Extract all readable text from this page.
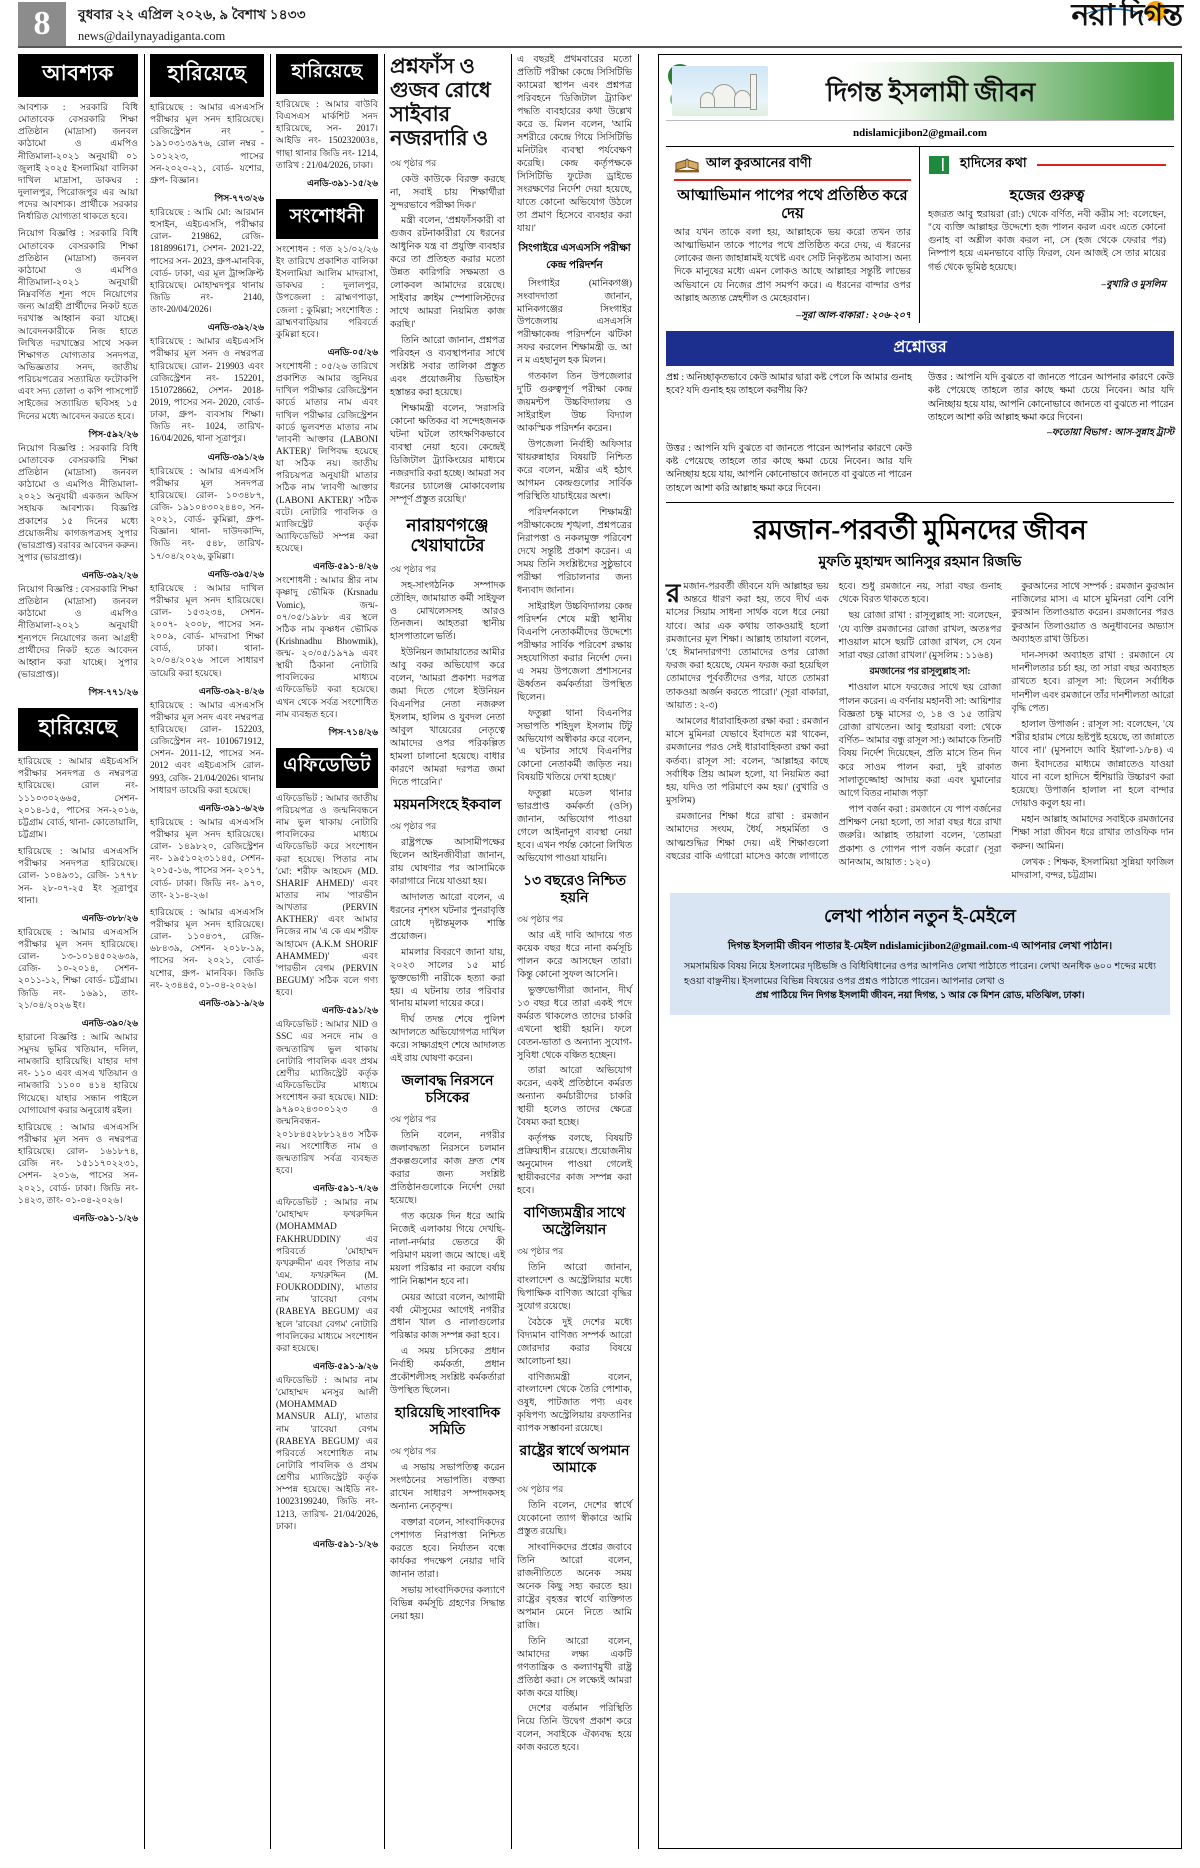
8	বুধবার ২২ এপ্রিল ২০২৬, ৯ বৈশাখ ১৪৩৩
news@dailynayadiganta.com
নয়া দিগন্ত
আবশ্যক

আবশ্যক : সরকারি বিধি মোতাবেক বেসরকারি শিক্ষা প্রতিষ্ঠান (মাদ্রাসা) জনবল কাঠামো ও এমপিও নীতিমালা-২০২১ অনুযায়ী ০১ জুলাই ২০২৫ ইসলামিয়া বালিকা দাখিল মাদ্রাসা, ডাকঘর : দুলালপুর, পিরোজপুর এর আয়া পদের আবশ্যক। প্রার্থীকে সরকার নির্ধারিত যোগ্যতা থাকতে হবে।

নিয়োগ বিজ্ঞপ্তি : সরকারি বিধি মোতাবেক বেসরকারি শিক্ষা প্রতিষ্ঠান (মাদ্রাসা) জনবল কাঠামো ও এমপিও নীতিমালা-২০২১ অনুযায়ী নিম্নবর্ণিত শূন্য পদে নিয়োগের জন্য আগ্রহী প্রার্থীদের নিকট হতে দরখাস্ত আহ্বান করা যাচ্ছে। আবেদনকারীকে নিজ হাতে লিখিত দরখাস্তের সাথে সকল শিক্ষাগত যোগ্যতার সনদপত্র, অভিজ্ঞতার সনদ, জাতীয় পরিচয়পত্রের সত্যায়িত ফটোকপি এবং সদ্য তোলা ৩ কপি পাসপোর্ট সাইজের সত্যায়িত ছবিসহ ১৫ দিনের মধ্যে আবেদন করতে হবে।

পিস-৫৯২/২৬

নিয়োগ বিজ্ঞপ্তি : সরকারি বিধি মোতাবেক বেসরকারি শিক্ষা প্রতিষ্ঠান (মাদ্রাসা) জনবল কাঠামো ও এমপিও নীতিমালা- ২০২১ অনুযায়ী একজন অফিস সহায়ক আবশ্যক। বিজ্ঞপ্তি প্রকাশের ১৫ দিনের মধ্যে প্রয়োজনীয় কাগজপত্রসহ সুপার (ভারপ্রাপ্ত) বরাবর আবেদন করুন। সুপার (ভারপ্রাপ্ত)।

এনডি-৩৯২/২৬

নিয়োগ বিজ্ঞপ্তি : বেসরকারি শিক্ষা প্রতিষ্ঠান (মাদ্রাসা) জনবল কাঠামো ও এমপিও নীতিমালা-২০২১ অনুযায়ী শূন্যপদে নিয়োগের জন্য আগ্রহী প্রার্থীদের নিকট হতে আবেদন আহ্বান করা যাচ্ছে। সুপার (ভারপ্রাপ্ত)।

পিস-৭৭১/২৬
হারিয়েছে

হারিয়েছে : আমার এইচএসসি পরীক্ষার সনদপত্র ও নম্বরপত্র হারিয়েছে। রোল নং- ১১১০৩০২৬৬৫, সেশন- ২০১৪-১৫, পাসের সন-২০১৬, চট্টগ্রাম বোর্ড, থানা- কোতোয়ালি, চট্টগ্রাম।

হারিয়েছে : আমার এসএসসি পরীক্ষার সনদপত্র হারিয়েছে। রোল- ১০৪৯৩১, রেজি- ১৭৭৮ সন- ২৮-০৭-২৫ ইং সূত্রাপুর থানা।

এনডি-৩৮৮/২৬

হারিয়েছে : আমার এসএসসি পরীক্ষার মূল সনদ হারিয়েছে। রোল- ১৩-১০১৪৫০২৬৩৯, রেজি- ১০-২০১৪, সেশন- ২০১১-১২, শিক্ষা বোর্ড- চট্টগ্রাম। জিডি নং- ১৬৯১, তাং- ২১/০৪/২০২৬ ইং।

এনডি-৩৯০/২৬

হারানো বিজ্ঞপ্তি : আমি আমার সমুদয় ভূমির খতিয়ান, দলিল, নামজারি হারিয়েছি। যাহার দাগ নং- ১১০ এবং এসএ খতিয়ান ও নামজারি ১১০০ ৪১৪ হারিয়ে গিয়েছে। যাহার সন্ধান পাইলে যোগাযোগ করার অনুরোধ রইল।

হারিয়েছে : আমার এসএসসি পরীক্ষার মূল সনদ ও নম্বরপত্র হারিয়েছে। রোল- ১৬১৮৭৪, রেজি নং- ১৫১১৭০২২৩১, সেশন- ২০১৬, পাসের সন- ২০২১, বোর্ড- ঢাকা। জিডি নং- ১৪২৩, তাং- ০১-০৪-২০২৬।

এনডি-৩৯১-১/২৬
হারিয়েছে

হারিয়েছে : আমার এসএসসি পরীক্ষার মূল সনদ হারিয়েছে। রেজিস্ট্রেশন নং - ১৯১০৩১৩৯৭৬, রোল নম্বর - ১০১২২৩, পাসের সন-২০২০-২১, বোর্ড- যশোর, গ্রুপ- বিজ্ঞান।

পিস-৭৭৩/২৬

হারিয়েছে : আমি মো: আরমান হুসাইন, এইচএসসি, পরীক্ষার রোল- 219862, রেজি- 1818996171, সেশন- 2021-22, পাসের সন- 2023, গ্রুপ-মানবিক, বোর্ড- ঢাকা, এর মূল ট্রান্সক্রিপ্ট হারিয়েছে। মোহাম্মদপুর থানায় জিডি নং- 2140, তাং-20/04/2026।

এনডি-৩৯২/২৬

হারিয়েছে : আমার এইচএসসি পরীক্ষার মূল সনদ ও নম্বরপত্র হারিয়েছে। রোল- 219903 এবং রেজিস্ট্রেশন নং- 152201, 1510728662, সেশন- 2018-2019, পাসের সন- 2020, বোর্ড- ঢাকা, গ্রুপ- ব্যবসায় শিক্ষা। জিডি নং- 1024, তারিখ- 16/04/2026, থানা সূত্রাপুর।

এনডি-৩৯১/২৬

হারিয়েছে : আমার এসএসসি পরীক্ষার মূল সনদপত্র হারিয়েছে। রোল- ১০৩৪৮৭, রেজি- ১৯১০৪৩০২৪৪০, সন- ২০২১, বোর্ড- কুমিল্লা, গ্রুপ- বিজ্ঞান। থানা- দাউদকান্দি, জিডি নং- ৫৪৮, তারিখ- ১৭/০৪/২০২৬, কুমিল্লা।

এনডি-৩৯৫/২৬

হারিয়েছে : আমার দাখিল পরীক্ষার মূল সনদ হারিয়েছে। রোল- ১৫৩২৩৪, সেশন- ২০০৭- ২০০৮, পাসের সন- ২০০৯, বোর্ড- মাদরাসা শিক্ষা বোর্ড, ঢাকা। থানা- ২০/০৪/২০২৬ সালে সাধারণ ডায়েরি করা হয়েছে।

এনডি-৩৯২-৪/২৬

হারিয়েছে : আমার এসএসসি পরীক্ষার মূল সনদ এবং নম্বরপত্র হারিয়েছে। রোল- 152203, রেজিস্ট্রেশন নং- 1010671912, সেশন- 2011-12, পাসের সন- 2012 এবং এইচএসসি রোল- 993, রেজি- 21/04/2026। থানায় সাধারণ ডায়েরি করা হয়েছে।

এনডি-৩৯১-৬/২৬

হারিয়েছে : আমার এসএসসি পরীক্ষার মূল সনদ হারিয়েছে। রোল- ১৪৯৮২০, রেজিস্ট্রেশন নং- ১৯৫১০২৩১১৪৫, সেশন- ২০১৫-১৬, পাসের সন- ২০১৭, বোর্ড- ঢাকা। জিডি নং- ৯৭০, তাং- ২১-৪-২৬।

হারিয়েছে : আমার এসএসসি পরীক্ষার মূল সনদ হারিয়েছে। রোল- ১১০৪৩৭, রেজি- ৬৮৪৩৯, সেশন- ২০১৮-১৯, পাসের সন- ২০২১, বোর্ড- যশোর, গ্রুপ- মানবিক। জিডি নং- ২৩৪৪৫, ০১-০৪-২০২৬।

এনডি-৩৯১-৯/২৬
হারিয়েছে

হারিয়েছে : আমার বাউবি বিএসএস মার্কশিট সনদ হারিয়েছে, সন- 2017। আইডি নং- 150232003৪, গাছা থানার জিডি নং- 1214, তারিখ : 21/04/2026, ঢাকা।

এনডি-৩৯১-১৫/২৬
সংশোধনী

সংশোধন : গত ২১/০২/২৬ ইং তারিখে প্রকাশিত বালিকা ইসলামিয়া আলিম মাদরাসা, ডাকঘর : দুলালপুর, উপজেলা : ব্রাহ্মণপাড়া, জেলা : কুমিল্লা; সংশোধিত : ব্রাহ্মণবাড়িয়ার পরিবর্তে কুমিল্লা হবে।

এনডি-০৫/২৬

সংশোধনী : ০৫/২৬ তারিখে প্রকাশিত আমার জুনিয়র দাখিল পরীক্ষার রেজিস্ট্রেশন কার্ডে মাতার নাম এবং দাখিল পরীক্ষার রেজিস্ট্রেশন কার্ডে ভুলবশত মাতার নাম 'লাবনী আক্তার (LABONI AKTER)' লিপিবদ্ধ হয়েছে যা সঠিক নয়। জাতীয় পরিচয়পত্র অনুযায়ী মাতার সঠিক নাম 'লাবণী আক্তার (LABONI AKTER)' সঠিক বটে। নোটারি পাবলিক ও ম্যাজিস্ট্রেট কর্তৃক অ্যাফিডেভিট সম্পন্ন করা হয়েছে।

এনডি-৫৯১-৪/২৬

সংশোধনী : আমার স্ত্রীর নাম কৃষ্ণাদু ভৌমিক (Krsnadu Vomic), জন্ম- ০৭/০৫/১৯৮৮ এর স্থলে সঠিক নাম কৃষ্ণধন ভৌমিক (Krishnadhu Bhowmik), জন্ম- ২০/০৫/১৯৭৯ এবং স্থায়ী ঠিকানা নোটারি পাবলিকের মাধ্যমে এফিডেভিট করা হয়েছে। এখন থেকে সর্বত্র সংশোধিত নাম ব্যবহৃত হবে।

পিস-৭১৪/২৬
এফিডেভিট

এফিডেভিট : আমার জাতীয় পরিচয়পত্র ও জন্মনিবন্ধনে নাম ভুল থাকায় নোটারি পাবলিকের মাধ্যমে এফিডেভিট করে সংশোধন করা হয়েছে। পিতার নাম 'মো: শরীফ আহমেদ (MD. SHARIF AHMED)' এবং মাতার নাম 'পারভীন আখতার (PERVIN AKTHER)' এবং আমার নিজের নাম 'এ কে এম শরীফ আহামেদ (A.K.M SHORIF AHAMMED)' এবং 'পারভীন বেগম (PERVIN BEGUM)' সঠিক বলে গণ্য হবে।

এনডি-৫৯১/২৬

এফিডেভিট : আমার NID ও SSC এর সনদে নাম ও জন্মতারিখ ভুল থাকায় নোটারি পাবলিক এবং প্রথম শ্রেণীর ম্যাজিস্ট্রেট কর্তৃক এফিডেভিটের মাধ্যমে সংশোধন করা হয়েছে। NID: ৯৭৯০২৪৩০০১২৩ ও জন্মনিবন্ধন- ২০১৮৪৫২৮৮১২৪৩ সঠিক নয়। সংশোধিত নাম ও জন্মতারিখ সর্বত্র ব্যবহৃত হবে।

এনডি-৫৯১-৭/২৬

এফিডেভিট : আমার নাম 'মোহাম্মদ ফখরুদ্দিন (MOHAMMAD FAKHRUDDIN)' এর পরিবর্তে 'মোহাম্মদ ফখরুদ্দীন' এবং পিতার নাম 'এম. ফখরুদ্দিন (M. FOUKRODDIN)', মাতার নাম 'রাবেয়া বেগম (RABEYA BEGUM)' এর স্থলে 'রাবেয়া বেগম' নোটারি পাবলিকের মাধ্যমে সংশোধন করা হয়েছে।

এনডি-৫৯১-৯/২৬

এফিডেভিট : আমার নাম 'মোহাম্মদ মনসুর আলী (MOHAMMAD MANSUR ALI)', মাতার নাম 'রাবেয়া বেগম (RABEYA BEGUM)' এর পরিবর্তে সংশোধিত নাম নোটারি পাবলিক ও প্রথম শ্রেণীর ম্যাজিস্ট্রেট কর্তৃক সম্পন্ন হয়েছে। আইডি নং- 10023199240, জিডি নং- 1213, তারিখ- 21/04/2026, ঢাকা।

এনডি-৫৯১-১/২৬
প্রশ্নফাঁস ও গুজব রোধে সাইবার নজরদারি ও
৩য় পৃষ্ঠার পর

কেউ কাউকে বিরক্ত করছে না, সবাই চায় শিক্ষার্থীরা সুন্দরভাবে পরীক্ষা দিক।'

মন্ত্রী বলেন, 'প্রশ্নফাঁসকারী বা গুজব রটনাকারীরা যে ধরনের আধুনিক যন্ত্র বা প্রযুক্তি ব্যবহার করে তা প্রতিহত করার মতো উন্নত কারিগরি সক্ষমতা ও লোকবল আমাদের রয়েছে। সাইবার ক্রাইম স্পেশালিস্টদের সাথে আমরা নিয়মিত কাজ করছি।'

তিনি আরো জানান, প্রশ্নপত্র পরিবহন ও ব্যবস্থাপনার সাথে সংশ্লিষ্ট সবার তালিকা প্রস্তুত এবং প্রয়োজনীয় ডিভাইস হস্তান্তর করা হয়েছে।

শিক্ষামন্ত্রী বলেন, 'সরাসরি কোনো ক্ষতিকর বা সন্দেহজনক ঘটনা ঘটলে তাৎক্ষণিকভাবে ব্যবস্থা নেয়া হবে। কেন্দ্রেই ডিজিটাল ট্র্যাকিংয়ের মাধ্যমে নজরদারি করা হচ্ছে। আমরা সব ধরনের চ্যালেঞ্জ মোকাবেলায় সম্পূর্ণ প্রস্তুত রয়েছি।'

নারায়ণগঞ্জে খেয়াঘাটের
৩য় পৃষ্ঠার পর

সহ-সাংগঠনিক সম্পাদক তৌহিদ, জামায়াত কর্মী সাইফুল ও মোখলেসসহ আরও তিনজন। আহতরা স্থানীয় হাসপাতালে ভর্তি।

ইউনিয়ন জামায়াতের আমীর আবু বকর অভিযোগ করে বলেন, 'আমরা প্রকাশ্য দরপত্র জমা দিতে গেলে ইউনিয়ন বিএনপির নেতা নজরুল ইসলাম, হালিম ও যুবদল নেতা আবুল খায়েরের নেতৃত্বে আমাদের ওপর পরিকল্পিত হামলা চালানো হয়েছে। বাধার কারণে আমরা দরপত্র জমা দিতে পারেনি।'

ময়মনসিংহে ইকবাল
৩য় পৃষ্ঠার পর

রাষ্ট্রপক্ষে আসামীপক্ষের ছিলেন আইনজীবীরা জানান, রায় ঘোষণার পর আসামিকে কারাগারে নিয়ে যাওয়া হয়।

আদালত আরো বলেন, এ ধরনের নৃশংস ঘটনার পুনরাবৃত্তি রোধে দৃষ্টান্তমূলক শাস্তি প্রয়োজন।

মামলার বিবরণে জানা যায়, ২০২৩ সালের ১৫ মার্চ ভুক্তভোগী নারীকে হত্যা করা হয়। এ ঘটনায় তার পরিবার থানায় মামলা দায়ের করে।

দীর্ঘ তদন্ত শেষে পুলিশ আদালতে অভিযোগপত্র দাখিল করে। সাক্ষ্যগ্রহণ শেষে আদালত এই রায় ঘোষণা করেন।

জলাবদ্ধ নিরসনে চসিকের
৩য় পৃষ্ঠার পর

তিনি বলেন, নগরীর জলাবদ্ধতা নিরসনে চলমান প্রকল্পগুলোর কাজ দ্রুত শেষ করার জন্য সংশ্লিষ্ট প্রতিষ্ঠানগুলোকে নির্দেশ দেয়া হয়েছে।

গত কয়েক দিন ধরে আমি নিজেই এলাকায় গিয়ে দেখছি- নালা-নর্দমার ভেতরে কী পরিমাণ ময়লা জমে আছে। এই ময়লা পরিষ্কার না করলে বর্ষায় পানি নিষ্কাশন হবে না।

মেয়র আরো বলেন, আগামী বর্ষা মৌসুমের আগেই নগরীর প্রধান খাল ও নালাগুলোর পরিষ্কার কাজ সম্পন্ন করা হবে।

এ সময় চসিকের প্রধান নির্বাহী কর্মকর্তা, প্রধান প্রকৌশলীসহ সংশ্লিষ্ট কর্মকর্তারা উপস্থিত ছিলেন।

হারিয়েছি সাংবাদিক সমিতি
৩য় পৃষ্ঠার পর

এ সভায় সভাপতিত্ব করেন সংগঠনের সভাপতি। বক্তব্য রাখেন সাধারণ সম্পাদকসহ অন্যান্য নেতৃবৃন্দ।

বক্তারা বলেন, সাংবাদিকদের পেশাগত নিরাপত্তা নিশ্চিত করতে হবে। নির্যাতন বন্ধে কার্যকর পদক্ষেপ নেয়ার দাবি জানান তারা।

সভায় সাংবাদিকদের কল্যাণে বিভিন্ন কর্মসূচি গ্রহণের সিদ্ধান্ত নেয়া হয়।

এ বছরই প্রথমবারের মতো প্রতিটি পরীক্ষা কেন্দ্রে সিসিটিভি ক্যামেরা স্থাপন এবং প্রশ্নপত্র পরিবহনে 'ডিজিটাল ট্র্যাকিং' পদ্ধতি ব্যবহারের কথা উল্লেখ করে ড. মিলন বলেন, 'আমি সশরীরে কেন্দ্রে গিয়ে সিসিটিভি মনিটরিং ব্যবস্থা পর্যবেক্ষণ করেছি। কেন্দ্র কর্তৃপক্ষকে সিসিটিভি ফুটেজ ড্রাইভে সংরক্ষণের নির্দেশ দেয়া হয়েছে, যাতে কোনো অভিযোগ উঠলে তা প্রমাণ হিসেবে ব্যবহার করা যায়।'

সিংগাইরে এসএসসি পরীক্ষা কেন্দ্র পরিদর্শন

সিংগাইর (মানিকগঞ্জ) সংবাদদাতা জানান, মানিকগঞ্জের সিংগাইর উপজেলায় এসএসসি পরীক্ষাকেন্দ্র পরিদর্শনে ঝটিকা সফর করলেন শিক্ষামন্ত্রী ড. আ ন ম এহছানুল হক মিলন।

গতকাল তিন উপজেলার দু'টি গুরুত্বপূর্ণ পরীক্ষা কেন্দ্র জয়মন্টপ উচ্চবিদ্যালয় ও সাইরাইল উচ্চ বিদ্যাল আকস্মিক পরিদর্শন করেন।

উপজেলা নির্বাহী অফিসার খায়রুন্নাহার বিষয়টি নিশ্চিত করে বলেন, মন্ত্রীর এই হঠাৎ আগমন কেন্দ্রগুলোর সার্বিক পরিস্থিতি যাচাইয়ের অংশ।

পরিদর্শনকালে শিক্ষামন্ত্রী পরীক্ষাকেন্দ্রে শৃঙ্খলা, প্রশ্নপত্রের নিরাপত্তা ও নকলমুক্ত পরিবেশ দেখে সন্তুষ্টি প্রকাশ করেন। এ সময় তিনি সংশ্লিষ্টদের সুষ্ঠুভাবে পরীক্ষা পরিচালনার জন্য ধন্যবাদ জানান।

সাইরাইল উচ্চবিদ্যালয় কেন্দ্র পরিদর্শন শেষে মন্ত্রী স্থানীয় বিএনপি নেতাকর্মীদের উদ্দেশ্যে পরীক্ষার সার্বিক পরিবেশ রক্ষায় সহযোগিতা করার নির্দেশ দেন। এ সময় উপজেলা প্রশাসনের ঊর্ধ্বতন কর্মকর্তারা উপস্থিত ছিলেন।

ফতুল্লা থানা বিএনপির সভাপতি শহিদুল ইসলাম টিটু অভিযোগ অস্বীকার করে বলেন, 'এ ঘটনার সাথে বিএনপির কোনো নেতাকর্মী জড়িত নয়। বিষয়টি খতিয়ে দেখা হচ্ছে।'

ফতুল্লা মডেল থানার ভারপ্রাপ্ত কর্মকর্তা (ওসি) জানান, অভিযোগ পাওয়া গেলে আইনানুগ ব্যবস্থা নেয়া হবে। এখন পর্যন্ত কোনো লিখিত অভিযোগ পাওয়া যায়নি।

১৩ বছরেও নিশ্চিত হয়নি
৩য় পৃষ্ঠার পর

আর এই দাবি আদায়ে গত কয়েক বছর ধরে নানা কর্মসূচি পালন করে আসছেন তারা। কিন্তু কোনো সুফল আসেনি।

ভুক্তভোগীরা জানান, দীর্ঘ ১৩ বছর ধরে তারা একই পদে কর্মরত থাকলেও তাদের চাকরি এখনো স্থায়ী হয়নি। ফলে বেতন-ভাতা ও অন্যান্য সুযোগ-সুবিধা থেকে বঞ্চিত হচ্ছেন।

তারা আরো অভিযোগ করেন, একই প্রতিষ্ঠানে কর্মরত অন্যান্য কর্মচারীদের চাকরি স্থায়ী হলেও তাদের ক্ষেত্রে বৈষম্য করা হচ্ছে।

কর্তৃপক্ষ বলছে, বিষয়টি প্রক্রিয়াধীন রয়েছে। প্রয়োজনীয় অনুমোদন পাওয়া গেলেই স্থায়ীকরণের কাজ সম্পন্ন করা হবে।

বাণিজ্যমন্ত্রীর সাথে অস্ট্রেলিয়ান
৩য় পৃষ্ঠার পর

তিনি আরো জানান, বাংলাদেশ ও অস্ট্রেলিয়ার মধ্যে দ্বিপাক্ষিক বাণিজ্য আরো বৃদ্ধির সুযোগ রয়েছে।

বৈঠকে দুই দেশের মধ্যে বিদ্যমান বাণিজ্য সম্পর্ক আরো জোরদার করার বিষয়ে আলোচনা হয়।

বাণিজ্যমন্ত্রী বলেন, বাংলাদেশ থেকে তৈরি পোশাক, ওষুধ, পাটজাত পণ্য এবং কৃষিপণ্য অস্ট্রেলিয়ায় রফতানির ব্যাপক সম্ভাবনা রয়েছে।

রাষ্ট্রের স্বার্থে অপমান আমাকে
৩য় পৃষ্ঠার পর

তিনি বলেন, দেশের স্বার্থে যেকোনো ত্যাগ স্বীকারে আমি প্রস্তুত রয়েছি।

সাংবাদিকদের প্রশ্নের জবাবে তিনি আরো বলেন, রাজনীতিতে অনেক সময় অনেক কিছু সহ্য করতে হয়। রাষ্ট্রের বৃহত্তর স্বার্থে ব্যক্তিগত অপমান মেনে নিতে আমি রাজি।

তিনি আরো বলেন, আমাদের লক্ষ্য একটি গণতান্ত্রিক ও কল্যাণমুখী রাষ্ট্র প্রতিষ্ঠা করা। সে লক্ষ্যেই আমরা কাজ করে যাচ্ছি।

দেশের বর্তমান পরিস্থিতি নিয়ে তিনি উদ্বেগ প্রকাশ করে বলেন, সবাইকে ঐক্যবদ্ধ হয়ে কাজ করতে হবে।

দিগন্ত ইসলামী জীবন
ndislamicjibon2@gmail.com
আল কুরআনের বাণী
আত্মাভিমান পাপের পথে প্রতিষ্ঠিত করে দেয়
আর যখন তাকে বলা হয়, আল্লাহকে ভয় করো তখন তার আত্মাভিমান তাকে পাপের পথে প্রতিষ্ঠিত করে দেয়, এ ধরনের লোকের জন্য জাহান্নামই যথেষ্ট এবং সেটি নিকৃষ্টতম আবাস। অন্য দিকে মানুষের মধ্যে এমন লোকও আছে আল্লাহর সন্তুষ্টি লাভের অভিযানে যে নিজের প্রাণ সমর্পণ করে। এ ধরনের বান্দার ওপর আল্লাহ অত্যন্ত স্নেহশীল ও মেহেরবান।
–সূরা আল-বাকারা : ২০৬-২০৭
হাদিসের কথা
হজের গুরুত্ব
হজরত আবু হুরায়রা (রা:) থেকে বর্ণিত, নবী করীম সা: বলেছেন, "যে ব্যক্তি আল্লাহর উদ্দেশ্যে হজ পালন করল এবং এতে কোনো গুনাহ বা অশ্লীল কাজ করল না, সে (হজ থেকে ফেরার পর) নিষ্পাপ হয়ে এমনভাবে বাড়ি ফিরল, যেন আজই সে তার মায়ের গর্ভ থেকে ভূমিষ্ঠ হয়েছে।
–বুখারি ও মুসলিম
প্রশ্নোত্তর
প্রশ্ন : অনিচ্ছাকৃতভাবে কেউ আমার দ্বারা কষ্ট পেলে কি আমার গুনাহ হবে? যদি গুনাহ হয় তাহলে করণীয় কি?
উত্তর : আপনি যদি বুঝতে বা জানতে পারেন আপনার কারণে কেউ কষ্ট পেয়েছে তাহলে তার কাছে ক্ষমা চেয়ে নিবেন। আর যদি অনিচ্ছায় হয়ে যায়, আপনি কোনোভাবে জানতে বা বুঝতে না পারেন তাহলে আশা করি আল্লাহ ক্ষমা করে দিবেন।
–ফতোয়া বিভাগ : আস-সুন্নাহ ট্রাস্ট
উত্তর : আপনি যদি বুঝতে বা জানতে পারেন আপনার কারণে কেউ কষ্ট পেয়েছে তাহলে তার কাছে ক্ষমা চেয়ে নিবেন। আর যদি অনিচ্ছায় হয়ে যায়, আপনি কোনোভাবে জানতে বা বুঝতে না পারেন তাহলে আশা করি আল্লাহ ক্ষমা করে দিবেন।
রমজান-পরবর্তী মুমিনদের জীবন
মুফতি মুহাম্মদ আনিসুর রহমান রিজভি

রমজান-পরবর্তী জীবনে যদি আল্লাহর ভয় অন্তরে ধারণ করা হয়, তবে দীর্ঘ এক মাসের সিয়াম সাধনা সার্থক বলে ধরে নেয়া যাবে। আর এক কথায় তাকওয়াই হলো রমজানের মূল শিক্ষা। আল্লাহ তায়ালা বলেন, 'হে ঈমানদারগণ! তোমাদের ওপর রোজা ফরজ করা হয়েছে, যেমন ফরজ করা হয়েছিল তোমাদের পূর্ববর্তীদের ওপর, যাতে তোমরা তাকওয়া অর্জন করতে পারো।' (সূরা বাকারা, আয়াত : ২-৩)

আমলের ধারাবাহিকতা রক্ষা করা : রমজান মাসে মুমিনরা যেভাবে ইবাদতে মগ্ন থাকেন, রমজানের পরও সেই ধারাবাহিকতা রক্ষা করা কর্তব্য। রাসূল সা: বলেন, 'আল্লাহর কাছে সর্বাধিক প্রিয় আমল হলো, যা নিয়মিত করা হয়, যদিও তা পরিমাণে কম হয়।' (বুখারি ও মুসলিম)

রমজানের শিক্ষা ধরে রাখা : রমজান আমাদের সংযম, ধৈর্য, সহমর্মিতা ও আত্মশুদ্ধির শিক্ষা দেয়। এই শিক্ষাগুলো বছরের বাকি এগারো মাসেও কাজে লাগাতে হবে। শুধু রমজানে নয়, সারা বছর গুনাহ থেকে বিরত থাকতে হবে।

ছয় রোজা রাখা : রাসূলুল্লাহ সা: বলেছেন, 'যে ব্যক্তি রমজানের রোজা রাখল, অতঃপর শাওয়াল মাসে ছয়টি রোজা রাখল, সে যেন সারা বছর রোজা রাখল।' (মুসলিম : ১১৬৪)

রমজানের পর রাসূলুল্লাহ সা:

শাওয়াল মাসে ফরজের সাথে ছয় রোজা পালন করেন। এ বর্ণনায় মহানবী সা: আয়িশার বিজ্ঞতা চক্ষু মাসের ৩, ১৪ ও ১৫ তারিখ রোজা রাখতেন। আবু হুরায়রা বলা: থেকে বর্ণিত– আমার বন্ধু রাসূল সা:) আমাকে তিনটি বিষয় নির্দেশ দিয়েছেন, প্রতি মাসে তিন দিন করে সাওম পালন করা, দুই রাকাত সালাতুজ্জোহা আদায় করা এবং ঘুমানোর আগে বিতর নামাজ পড়া'

পাপ বর্জন করা : রমজানে যে পাপ বর্জনের প্রশিক্ষণ নেয়া হলো, তা সারা বছর ধরে রাখা জরুরি। আল্লাহ তায়ালা বলেন, 'তোমরা প্রকাশ্য ও গোপন পাপ বর্জন করো।' (সূরা আনআম, আয়াত : ১২০)

কুরআনের সাথে সম্পর্ক : রমজান কুরআন নাজিলের মাস। এ মাসে মুমিনরা বেশি বেশি কুরআন তিলাওয়াত করেন। রমজানের পরও কুরআন তিলাওয়াত ও অনুধাবনের অভ্যাস অব্যাহত রাখা উচিত।

দান-সদকা অব্যাহত রাখা : রমজানে যে দানশীলতার চর্চা হয়, তা সারা বছর অব্যাহত রাখতে হবে। রাসূল সা: ছিলেন সর্বাধিক দানশীল এবং রমজানে তাঁর দানশীলতা আরো বৃদ্ধি পেত।

হালাল উপার্জন : রাসূল সা: বলেছেন, 'যে শরীর হারাম পেয়ে হৃষ্টপুষ্ট হয়েছে, তা জান্নাতে যাবে না।' (মুসনাদে আবি ইয়া'লা-১/৮৪) এ জন্য ইবাদতের মাধ্যমে জান্নাতেও যাওয়া যাবে না বলে হাদিসে হুঁশিয়ারি উচ্চারণ করা হয়েছে। উপার্জন হালাল না হলে বান্দার দোয়াও কবুল হয় না।

মহান আল্লাহ আমাদের সবাইকে রমজানের শিক্ষা সারা জীবন ধরে রাখার তাওফিক দান করুন। আমিন।

লেখক : শিক্ষক, ইসলামিয়া সুন্নিয়া ফাজিল মাদরাসা, বন্দর, চট্টগ্রাম।

লেখা পাঠান নতুন ই-মেইলে
দিগন্ত ইসলামী জীবন পাতার ই-মেইল ndislamicjibon2@gmail.com-এ আপনার লেখা পাঠান।
সমসাময়িক বিষয় নিয়ে ইসলামের দৃষ্টিভঙ্গি ও বিধিবিধানের ওপর আপনিও লেখা পাঠাতে পারেন। লেখা অনধিক ৬০০ শব্দের মধ্যে হওয়া বাঞ্ছনীয়। ইসলামের বিভিন্ন বিষয়ের ওপর প্রশ্নও পাঠাতে পারেন। আপনার লেখা ও
প্রশ্ন পাঠিয়ে দিন দিগন্ত ইসলামী জীবন, নয়া দিগন্ত, ১ আর কে মিশন রোড, মতিঝিল, ঢাকা।
